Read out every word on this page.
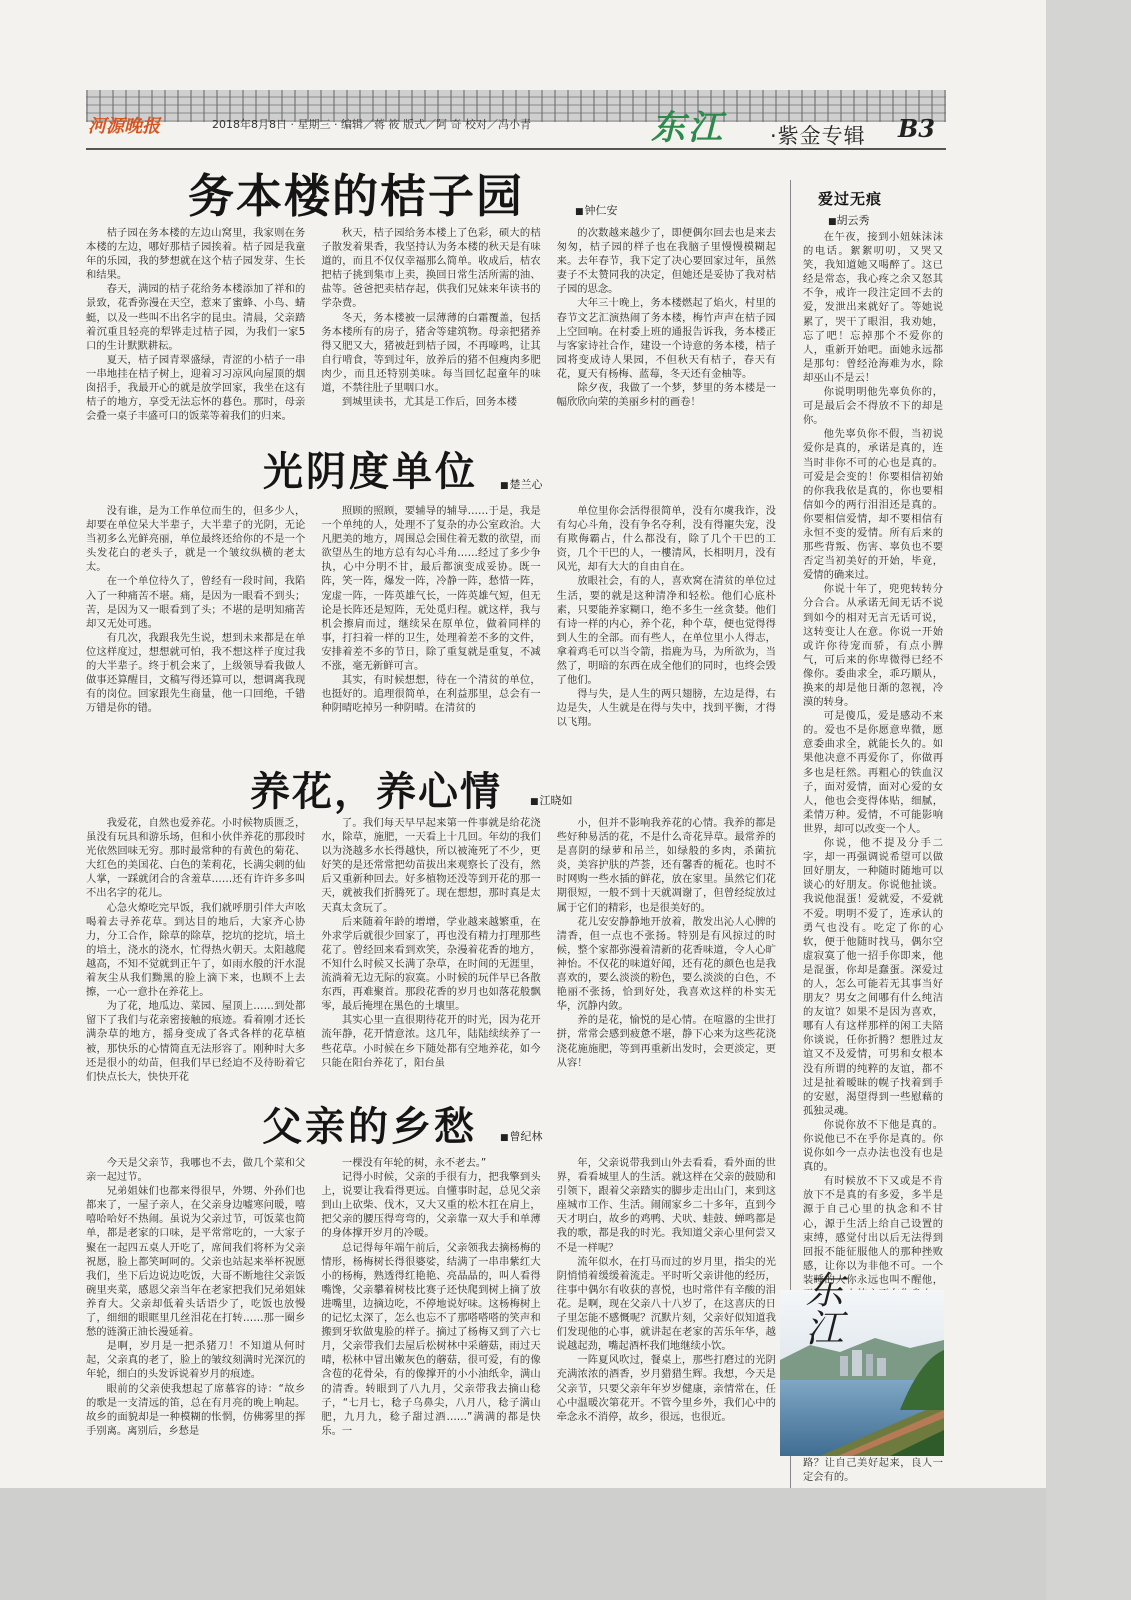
河源晚报	2018年8月8日 · 星期三 · 编辑／蒋 筱 版式／阿 奇 校对／冯小青	东江 ·紫金专辑 B3
务本楼的桔子园	■ 钟仁安

桔子园在务本楼的左边山窝里，我家则在务本楼的左边，哪好那桔子园挨着。桔子园是我童年的乐园，我的梦想就在这个桔子园发芽、生长和结果。

春天，满园的桔子花给务本楼添加了祥和的景致，花香弥漫在天空，惹来了蜜蜂、小鸟、蜻蜓，以及一些叫不出名字的昆虫。清晨，父亲踏着沉重且轻亮的犁铧走过桔子园，为我们一家5口的生计默默耕耘。

夏天，桔子园青翠盛绿，青涩的小桔子一串一串地挂在桔子树上，迎着习习凉风向屋顶的烟囱招手，我最开心的就是放学回家，我坐在这有桔子的地方，享受无法忘怀的暮色。那时，母亲会叠一桌子丰盛可口的饭菜等着我们的归来。

秋天，桔子园给务本楼上了色彩，硕大的桔子散发着果香，我坚持认为务本楼的秋天是有味道的，而且不仅仅幸福那么简单。收成后，桔农把桔子挑到集市上卖，换回日常生活所需的油、盐等。爸爸把卖桔存起，供我们兄妹来年读书的学杂费。

冬天，务本楼被一层薄薄的白霜覆盖，包括务本楼所有的房子，猪舍等建筑物。母亲把猪养得又肥又大，猪被赶到桔子园，不再嚎鸣，让其自行啃食，等到过年，放养后的猪不但瘦肉多肥肉少，而且还特别美味。每当回忆起童年的味道，不禁往肚子里咽口水。

到城里读书，尤其是工作后，回务本楼

的次数越来越少了，即便偶尔回去也是来去匆匆，桔子园的样子也在我脑子里慢慢模糊起来。去年春节，我下定了决心要回家过年，虽然妻子不太赞同我的决定，但她还是妥协了我对桔子园的思念。

大年三十晚上，务本楼燃起了焰火，村里的春节文艺汇演热闹了务本楼，梅竹声声在桔子园上空回响。在村委上班的通报告诉我，务本楼正与客家诗社合作，建设一个诗意的务本楼，桔子园将变成诗人果园，不但秋天有桔子，春天有花，夏天有杨梅、蓝莓，冬天还有金柚等。

除夕夜，我做了一个梦，梦里的务本楼是一幅欣欣向荣的美丽乡村的画卷！

光阴度单位	■ 楚兰心

没有谁，是为工作单位而生的，但多少人，却要在单位呆大半辈子，大半辈子的光阴，无论当初多么光鲜亮丽，单位最终还给你的不是一个头发花白的老头子，就是一个皱纹纵横的老太太。

在一个单位待久了，曾经有一段时间，我陷入了一种痛苦不堪。痛，是因为一眼看不到头；苦，是因为又一眼看到了头；不堪的是明知痛苦却又无处可逃。

有几次，我跟我先生说，想到未来都是在单位这样度过，想想就可怕，我不想这样子度过我的大半辈子。终于机会来了，上级领导看我做人做事还算醒目，文稿写得还算可以，想调离我现有的岗位。回家跟先生商量，他一口回绝，千错万错是你的错。

照顾的照顾，要辅导的辅导……于是，我是一个单纯的人，处理不了复杂的办公室政治。大凡肥美的地方，周围总会围住着无数的欲望，而欲望丛生的地方总有勾心斗角……经过了多少争执，心中分明不甘，最后都演变成妥协。既一阵，笑一阵，爆发一阵，冷静一阵，愁惜一阵，宠虚一阵，一阵英雄气长，一阵英雄气短，但无论是长阵还是短阵，无处觅归程。就这样，我与机会擦肩而过，继续呆在原单位，做着同样的事，打扫着一样的卫生，处理着差不多的文件，安排着差不多的节日，除了重复就是重复，不减不涨，毫无新鲜可言。

其实，有时候想想，待在一个清贫的单位，也挺好的。追理很简单，在利益那里，总会有一种阴晴吃掉另一种阴晴。在清贫的

单位里你会活得很简单，没有尔虞我诈，没有勾心斗角，没有争名夺利，没有得寵失宠，没有欺侮霸占，什么都没有，除了几个干巴的工资，几个干巴的人，一樓清风，长相明月，没有风光，却有大大的自由自在。

放眼社会，有的人，喜欢窝在清贫的单位过生活，要的就是这种清净和轻松。他们心底朴素，只要能养家糊口，绝不多生一丝贪婪。他们有诗一样的内心，养个花，种个草，便也觉得得到人生的全部。而有些人，在单位里小人得志，拿着鸡毛可以当令箭，指鹿为马，为所欲为，当然了，明暗的东西在成全他们的同时，也终会毁了他们。

得与失，是人生的两只翅膀，左边是得，右边是失，人生就是在得与失中，找到平衡，才得以飞翔。

养花，养心情	■ 江晓如

我爱花，自然也爱养花。小时候物质匮乏，虽没有玩具和游乐场，但和小伙伴养花的那段时光依然回味无穷。那时最常种的有黄色的菊花、大红色的美国花、白色的茉莉花，长满尖刺的仙人掌，一踩就闭合的含羞草……还有许许多多叫不出名字的花儿。

心急火燎吃完早饭，我们就呼朋引伴大声吆喝着去寻养花草。到达目的地后，大家齐心协力，分工合作，除草的除草，挖坑的挖坑，培土的培土，浇水的浇水，忙得热火朝天。太阳越爬越高，不知不觉就到正午了，如雨水般的汗水混着灰尘从我们黝黑的脸上滴下来，也顾不上去擦，一心一意扑在养花上。

为了花，地瓜边、菜园、屋顶上……到处都留下了我们与花亲密接触的痕迹。看着刚才还长满杂草的地方，摇身变成了各式各样的花草植被，那快乐的心情简直无法形容了。刚种时大多还是很小的幼苗，但我们早已经迫不及待盼着它们快点长大，快快开花

了。我们每天早早起来第一件事就是给花浇水，除草，施肥，一天看上十几回。年幼的我们以为浇越多水长得越快，所以被淹死了不少，更好笑的是还常常把幼苗拔出来观察长了没有，然后又重新种回去。好多植物还没等到开花的那一天，就被我们折腾死了。现在想想，那时真是太天真太贪玩了。

后来随着年龄的增增，学业越来越繁重，在外求学后就很少回家了，再也没有精力打理那些花了。曾经回来看到欢笑，杂漫着花香的地方，不知什么时候又长满了杂草，在时间的无涯里，流淌着无边无际的寂寞。小时候的玩伴早已各散东西，再难聚首。那段花香的岁月也如落花般飘零，最后掩埋在黑色的土壤里。

其实心里一直很期待花开的时光，因为花开流年静，花开情意浓。这几年，陆陆续续养了一些花草。小时候在乡下随处都有空地养花，如今只能在阳台养花了，阳台虽

小，但并不影响我养花的心情。我养的都是些好种易活的花，不是什么奇花异草。最常养的是喜阴的绿萝和吊兰，如绿般的多肉，杀菌抗炎，美容护肤的芦荟，还有馨香的栀花。也时不时网购一些水插的鲜花，放在家里。虽然它们花期很短，一般不到十天就凋谢了，但曾经绽放过属于它们的精彩，也是很美好的。

花儿安安静静地开放着，散发出沁人心脾的清香，但一点也不张扬。特别是有风掠过的时候，整个家都弥漫着清新的花香味道，令人心旷神怡。不仅花的味道好闻，还有花的颜色也是我喜欢的，要么淡淡的粉色，要么淡淡的白色，不艳丽不张扬，恰到好处，我喜欢这样的朴实无华，沉静内敛。

养的是花，愉悦的是心情。在喧嚣的尘世打拼，常常会感到疲惫不堪，静下心来为这些花浇浇花施施肥，等到再重新出发时，会更淡定，更从容！

父亲的乡愁	■ 曾纪林

今天是父亲节，我哪也不去，做几个菜和父亲一起过节。

兄弟姐妹们也都来得很早，外甥、外孙们也都来了，一屋子亲人，在父亲身边嘘寒问暖，嘻嘻哈哈好不热闹。虽说为父亲过节，可饭菜也简单，都是老家的口味，是平常常吃的，一大家子聚在一起四五桌人开吃了，席间我们将杯为父亲祝愿，脸上都笑呵呵的。父亲也站起来举杯祝愿我们，坐下后边说边吃饭，大哥不断地往父亲饭碗里夹菜，感恩父亲当年在老家把我们兄弟姐妹养育大。父亲却低着头话语少了，吃饭也放慢了，细细的眼眶里几丝泪花在打转……那一圈乡愁的涟漪正油长漫延着。

是啊，岁月是一把杀猪刀！不知道从何时起，父亲真的老了，脸上的皱纹刻满时光深沉的年轮，细白的头发诉说着岁月的痕迹。

眼前的父亲使我想起了席慕容的诗：“故乡的歌是一支清远的笛，总在有月亮的晚上响起。故乡的面貌却是一种模糊的怅惘，仿佛雾里的挥手别离。离别后，乡愁是

一棵没有年轮的树，永不老去。”

记得小时候，父亲的手很有力，把我擎到头上，说要让我看得更远。自懂事时起，总见父亲到山上砍柴、伐木，又大又重的松木扛在肩上，把父亲的腰压得弯弯的，父亲靠一双大手和单薄的身体撑开岁月的冷暖。

总记得每年端午前后，父亲领我去摘杨梅的情形，杨梅树长得很婆娑，结满了一串串紫红大小的杨梅，熟透得红艳艳、亮晶晶的，叫人看得嘴馋，父亲攀着树枝比赛子还快爬到树上摘了放进嘴里，边摘边吃，不停地说好味。这杨梅树上的记忆太深了，怎么也忘不了那嗒嗒嗒的笑声和搬到牙软做鬼脸的样子。摘过了杨梅又到了六七月，父亲带我们去屋后松树林中采蘑菇，雨过天晴，松林中冒出嫩灰色的蘑菇，很可爱，有的像含苞的花骨朵，有的像撑开的小小油纸伞，满山的清香。转眼到了八九月，父亲带我去摘山稔子，“七月七，稔子乌鼻尖，八月八，稔子满山肥，九月九，稔子甜过酒……”满满的都是快乐。一

年，父亲说带我到山外去看看，看外面的世界，看看城里人的生活。就这样在父亲的鼓励和引领下，跟着父亲踏实的脚步走出山门，来到这座城市工作、生活。闹闹家乡二十多年，直到今天才明白，故乡的鸡鸭、犬吠、蛙鼓、蝉鸣都是我的歌，都是我的时光。我知道父亲心里何尝又不是一样呢？

流年似水，在打马而过的岁月里，指尖的光阴悄悄着缓缓着流走。平时听父亲讲他的经历，往事中偶尔有收获的喜悦，也时常伴有辛酸的泪花。是啊，现在父亲八十八岁了，在这喜庆的日子里怎能不感慨呢？沉默片刻，父亲好似知道我们发现他的心事，就讲起在老家的苦乐年华，越说越起劲，嘴起酒杯我们地继续小饮。

一阵夏风吹过，餐桌上，那些打磨过的光阴充满浓浓的酒香，岁月猎猎生辉。我想，今天是父亲节，只要父亲年年岁岁健康，亲情常在，任心中温暖次第花开。不管今里乡外，我们心中的牵念永不消停，故乡，很远，也很近。

爱过无痕
■ 胡云秀

在午夜，接到小妞妹沫沫的电话。絮絮叨叨，又哭又笑，我知道她又喝醉了。这已经是常态，我心疼之余又怒其不争，戒许一段注定回不去的爱，发泄出来就好了。等她说累了，哭干了眼泪，我劝她，忘了吧！忘掉那个不爱你的人，重新开始吧。面她永远都是那句：曾经沧海难为水，除却巫山不是云！

你说明明他先辜负你的，可是最后会不得放不下的却是你。

他先辜负你不假，当初说爱你是真的，承诺是真的，连当时非你不可的心也是真的。可爱是会变的！你要相信初始的你我我依是真的，你也要相信如今的两行泪泪还是真的。你要相信爱情，却不要相信有永恒不变的爱情。所有后来的那些背叛、伤害、辜负也不要否定当初美好的开始，毕竟，爱情的确来过。

你说十年了，兜兜转转分分合合。从承诺无间无话不说到如今的相对无言无话可说，这转变让人在意。你说一开始或许你待宠而骄，有点小脾气，可后来的你卑微得已经不像你。委曲求全，乖巧顺从，换来的却是他日渐的忽视，冷漠的转身。

可是傻瓜，爱是感动不来的。爱也不是你愿意卑微，愿意委曲求全，就能长久的。如果他决意不再爱你了，你做再多也是枉然。再粗心的铁血汉子，面对爱情，面对心爱的女人，他也会变得体贴，细腻，柔情万种。爱情，不可能影响世界，却可以改变一个人。

你说，他不提及分手二字，却一再强调说希望可以做回好朋友，一种随时随地可以谈心的好朋友。你说他扯谈。我说他混蛋！爱就爱，不爱就不爱。明明不爱了，连承认的勇气也没有。吃定了你的心软，便于他随时找马，偶尔空虚寂寞了他一招手你即来，他是混蛋，你却是蠢蛋。深爱过的人，怎么可能若无其事当好朋友？男女之间哪有什么纯洁的友谊？如果不是因为喜欢，哪有人有这样那样的闲工夫陪你谈说，任你折腾？想胜过友谊又不及爱情，可男和女根本没有所谓的纯粹的友谊，都不过是扯着暧昧的幌子找着到手的安慰，渴望得到一些慰藉的孤独灵魂。

你说你放不下他是真的。你说他已不在乎你是真的。你说你如今一点办法也没有也是真的。

有时候放不下又或是不肯放下不是真的有多爱，多半是源于自己心里的执念和不甘心，源于生活上给自己设置的束缚，感觉付出以后无法得到回报不能征服他人的那种挫败感，让你以为非他不可。一个装睡的人你永远也叫不醒他，

路？让自己美好起来，良人一定会有的。

东江
